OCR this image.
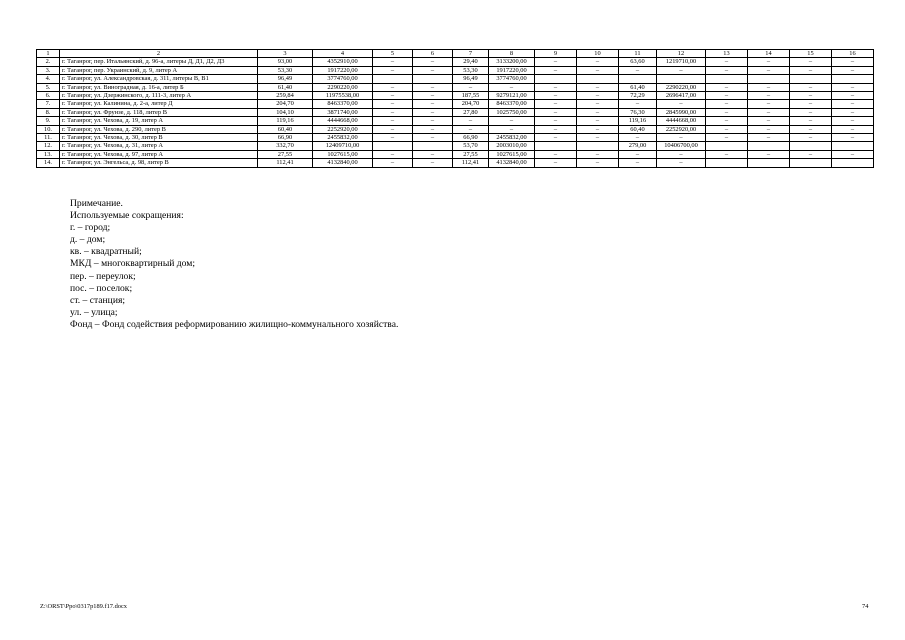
1	2	3	4	5	6	7	8	9	10	11	12	13	14	15	16
2.	г. Таганрог, пер. Итальянский, д. 96-а, литеры Д, Д1, Д2, Д3	93,00	4352910,00	–	–	29,40	3133200,00	–	–	63,60	1219710,00	–	–	–	–
3.	г. Таганрог, пер. Украинский, д. 9, литер А	53,30	1917220,00	–	–	53,30	1917220,00	–	–	–	–	–	–	–	–
4.	г. Таганрог, ул. Александровская, д. 311, литеры В, В1	96,49	3774760,00			96,49	3774760,00								
5.	г. Таганрог, ул. Виноградная, д. 16-а, литер Б	61,40	2290220,00	–	–	–	–	–	–	61,40	2290220,00	–	–	–	–
6.	г. Таганрог, ул. Дзержинского, д. 111-3, литер А	259,84	11975538,00	–	–	187,55	9279121,00	–	–	72,29	2696417,00	–	–	–	–
7.	г. Таганрог, ул. Калинина, д. 2-а, литер Д	204,70	8463370,00	–	–	204,70	8463370,00	–	–	–	–	–	–	–	–
8.	г. Таганрог, ул. Фрунзе, д. 118, литер В	104,10	3871740,00	–	–	27,80	1025750,00	–	–	76,30	2845990,00	–	–	–	–
9.	г. Таганрог, ул. Чехова, д. 19, литер А	119,16	4444668,00	–	–	–	–	–	–	119,16	4444668,00	–	–	–	–
10.	г. Таганрог, ул. Чехова, д. 290, литер В	60,40	2252920,00	–	–	–	–	–	–	60,40	2252920,00	–	–	–	–
11.	г. Таганрог, ул. Чехова, д. 30, литер В	66,90	2455832,00	–	–	66,90	2455832,00	–	–	–	–	–	–	–	–
12.	г. Таганрог, ул. Чехова, д. 31, литер А	332,70	12409710,00			53,70	2003010,00			279,00	10406700,00				
13.	г. Таганрог, ул. Чехова, д. 97, литер А	27,55	1027615,00	–	–	27,55	1027615,00	–	–	–	–	–	–	–	–
14.	г. Таганрог, ул. Энгельса, д. 98, литер В	112,41	4132840,00	–	–	112,41	4132840,00	–	–	–	–				
Примечание.
Используемые сокращения:
г. – город;
д. – дом;
кв. – квадратный;
МКД – многоквартирный дом;
пер. – переулок;
пос. – поселок;
ст. – станция;
ул. – улица;
Фонд – Фонд содействия реформированию жилищно-коммунального хозяйства.
Z:\ORST\Ppo\0317p189.f17.docx	74
